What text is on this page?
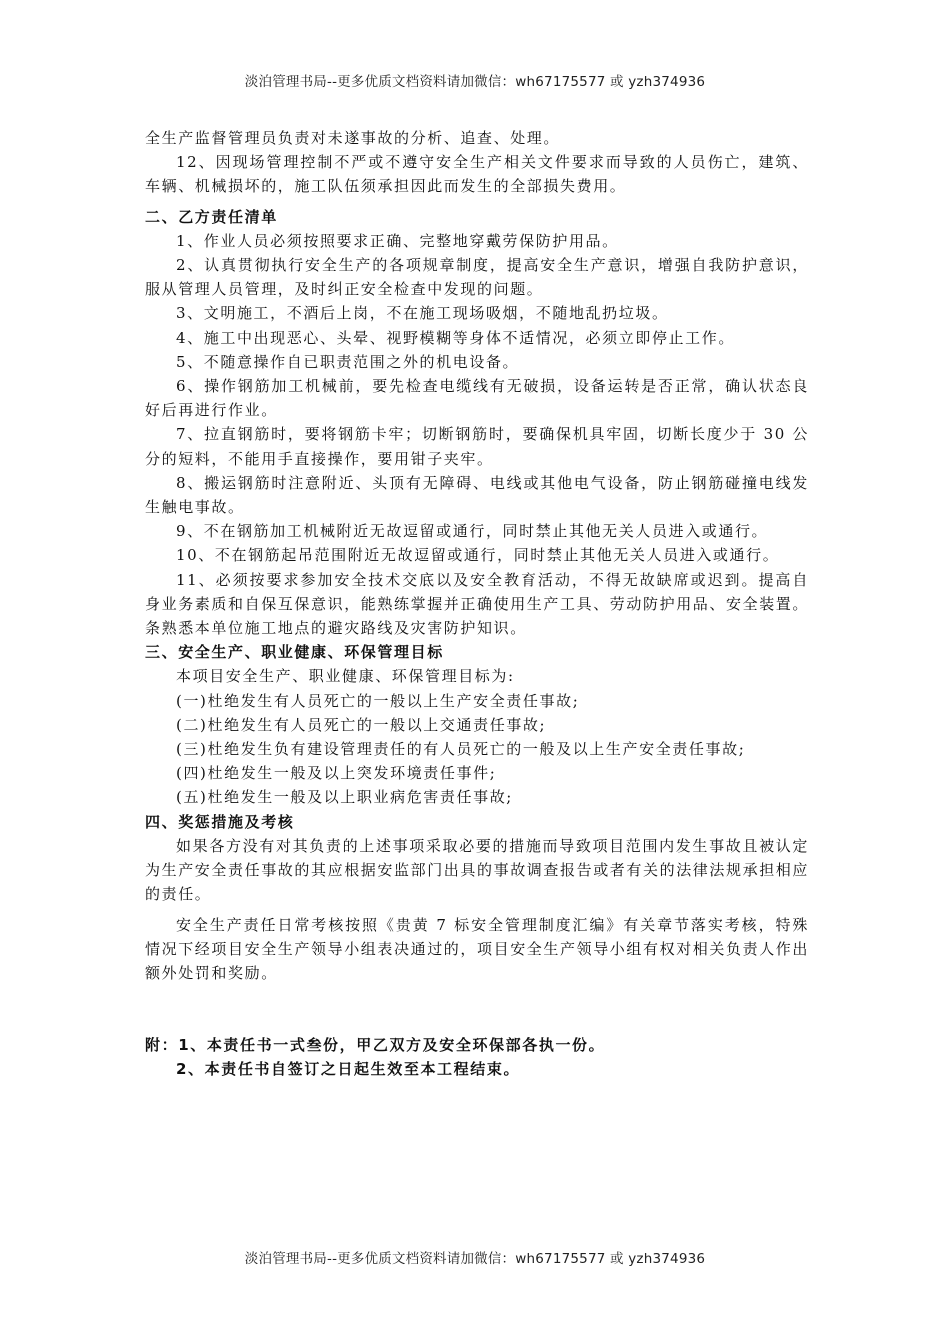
淡泊管理书局--更多优质文档资料请加微信：wh67175577 或 yzh374936

全生产监督管理员负责对未遂事故的分析、追查、处理。

12、因现场管理控制不严或不遵守安全生产相关文件要求而导致的人员伤亡，建筑、车辆、机械损坏的，施工队伍须承担因此而发生的全部损失费用。

二、乙方责任清单

1、作业人员必须按照要求正确、完整地穿戴劳保防护用品。

2、认真贯彻执行安全生产的各项规章制度，提高安全生产意识，增强自我防护意识，服从管理人员管理，及时纠正安全检查中发现的问题。

3、文明施工，不酒后上岗，不在施工现场吸烟，不随地乱扔垃圾。

4、施工中出现恶心、头晕、视野模糊等身体不适情况，必须立即停止工作。

5、不随意操作自已职责范围之外的机电设备。

6、操作钢筋加工机械前，要先检查电缆线有无破损，设备运转是否正常，确认状态良好后再进行作业。

7、拉直钢筋时，要将钢筋卡牢；切断钢筋时，要确保机具牢固，切断长度少于 30 公分的短料，不能用手直接操作，要用钳子夹牢。

8、搬运钢筋时注意附近、头顶有无障碍、电线或其他电气设备，防止钢筋碰撞电线发生触电事故。

9、不在钢筋加工机械附近无故逗留或通行，同时禁止其他无关人员进入或通行。

10、不在钢筋起吊范围附近无故逗留或通行，同时禁止其他无关人员进入或通行。

11、必须按要求参加安全技术交底以及安全教育活动，不得无故缺席或迟到。提高自身业务素质和自保互保意识，能熟练掌握并正确使用生产工具、劳动防护用品、安全装置。条熟悉本单位施工地点的避灾路线及灾害防护知识。

三、安全生产、职业健康、环保管理目标

本项目安全生产、职业健康、环保管理目标为:

(一)杜绝发生有人员死亡的一般以上生产安全责任事故;

(二)杜绝发生有人员死亡的一般以上交通责任事故;

(三)杜绝发生负有建设管理责任的有人员死亡的一般及以上生产安全责任事故;

(四)杜绝发生一般及以上突发环境责任事件;

(五)杜绝发生一般及以上职业病危害责任事故;

四、奖惩措施及考核

如果各方没有对其负责的上述事项采取必要的措施而导致项目范围内发生事故且被认定为生产安全责任事故的其应根据安监部门出具的事故调查报告或者有关的法律法规承担相应的责任。

安全生产责任日常考核按照《贵黄 7 标安全管理制度汇编》有关章节落实考核，特殊情况下经项目安全生产领导小组表决通过的，项目安全生产领导小组有权对相关负责人作出额外处罚和奖励。

附：1、本责任书一式叁份，甲乙双方及安全环保部各执一份。

2、本责任书自签订之日起生效至本工程结束。

淡泊管理书局--更多优质文档资料请加微信：wh67175577 或 yzh374936
